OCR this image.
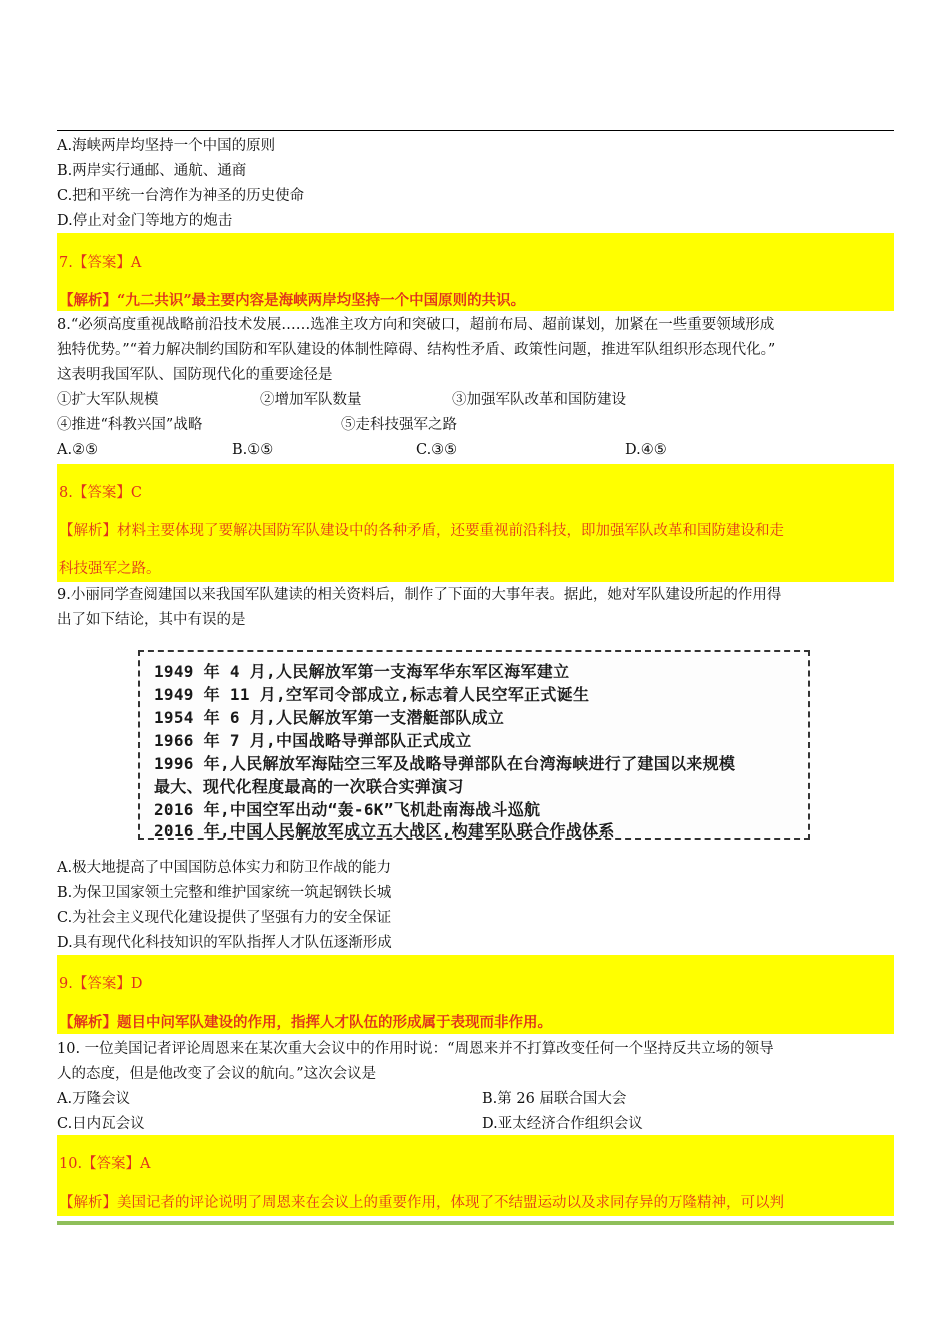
A.海峡两岸均坚持一个中国的原则
B.两岸实行通邮、通航、通商
C.把和平统一台湾作为神圣的历史使命
D.停止对金门等地方的炮击
7.【答案】A
【解析】“九二共识”最主要内容是海峡两岸均坚持一个中国原则的共识。
8.“必须高度重视战略前沿技术发展……选准主攻方向和突破口，超前布局、超前谋划，加紧在一些重要领域形成
独特优势。”“着力解决制约国防和军队建设的体制性障碍、结构性矛盾、政策性问题，推进军队组织形态现代化。”
这表明我国军队、国防现代化的重要途径是
①扩大军队规模	②增加军队数量	③加强军队改革和国防建设
④推进“科教兴国”战略	⑤走科技强军之路
A.②⑤	B.①⑤	C.③⑤	D.④⑤
8.【答案】C
【解析】材料主要体现了要解决国防军队建设中的各种矛盾，还要重视前沿科技，即加强军队改革和国防建设和走
科技强军之路。
9.小丽同学查阅建国以来我国军队建读的相关资料后，制作了下面的大事年表。据此，她对军队建设所起的作用得
出了如下结论，其中有误的是
1949 年 4 月,人民解放军第一支海军华东军区海军建立
1949 年 11 月,空军司令部成立,标志着人民空军正式诞生
1954 年 6 月,人民解放军第一支潜艇部队成立
1966 年 7 月,中国战略导弹部队正式成立
1996 年,人民解放军海陆空三军及战略导弹部队在台湾海峡进行了建国以来规模
最大、现代化程度最高的一次联合实弹演习
2016 年,中国空军出动“轰-6K”飞机赴南海战斗巡航
2016 年,中国人民解放军成立五大战区,构建军队联合作战体系
A.极大地提高了中国国防总体实力和防卫作战的能力
B.为保卫国家领土完整和维护国家统一筑起钢铁长城
C.为社会主义现代化建设提供了坚强有力的安全保证
D.具有现代化科技知识的军队指挥人才队伍逐渐形成
9.【答案】D
【解析】题目中问军队建设的作用，指挥人才队伍的形成属于表现而非作用。
10. 一位美国记者评论周恩来在某次重大会议中的作用时说：“周恩来并不打算改变任何一个坚持反共立场的领导
人的态度，但是他改变了会议的航向。”这次会议是
A.万隆会议	B.第 26 届联合国大会
C.日内瓦会议	D.亚太经济合作组织会议
10.【答案】A
【解析】美国记者的评论说明了周恩来在会议上的重要作用，体现了不结盟运动以及求同存异的万隆精神，可以判
